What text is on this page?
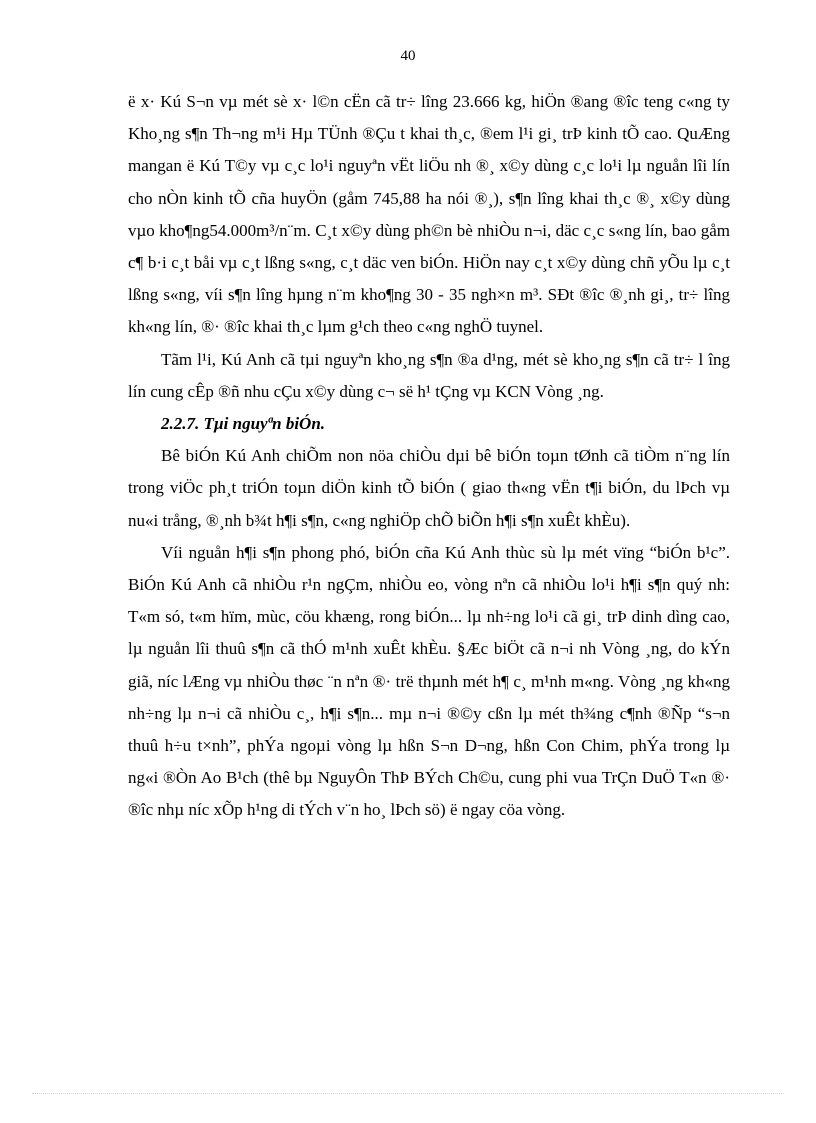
40

ë x· Kú S¬n vµ mét sè x· l©n cËn cã tr÷ lîng 23.666 kg, hiÖn ®ang ®îc teng c«ng ty Kho¸ng s¶n Th¬ng m¹i Hµ TÜnh ®Çu t khai th¸c, ®em l¹i gi¸ trÞ kinh tÕ cao. QuÆng mangan ë Kú T©y vµ c¸c lo¹i nguyªn vËt liÖu nh ®¸ x©y dùng c¸c lo¹i lµ nguån lîi lín cho nÒn kinh tÕ cña huyÖn (gåm 745,88 ha nói ®¸), s¶n lîng khai th¸c ®¸ x©y dùng vµo kho¶ng54.000m³/n¨m. C¸t x©y dùng ph©n bè nhiÒu n¬i, däc c¸c s«ng lín, bao gåm c¶ b·i c¸t båi vµ c¸t lßng s«ng, c¸t däc ven biÓn. HiÖn nay c¸t x©y dùng chñ yÕu lµ c¸t lßng s«ng, víi s¶n lîng hµng n¨m kho¶ng 30 - 35 ngh×n m³. SÐt ®îc ®¸nh gi¸, tr÷ lîng kh«ng lín, ®· ®îc khai th¸c lµm g¹ch theo c«ng nghÖ tuynel.

Tãm l¹i, Kú Anh cã tµi nguyªn kho¸ng s¶n ®a d¹ng, mét sè kho¸ng s¶n cã tr÷ l îng lín cung cÊp ®ñ nhu cÇu x©y dùng c¬ së h¹ tÇng vµ KCN Vòng ¸ng.

2.2.7. Tµi nguyªn biÓn.

Bê biÓn Kú Anh chiÕm non nöa chiÒu dµi bê biÓn toµn tØnh cã tiÒm n¨ng lín trong viÖc ph¸t triÓn toµn diÖn kinh tÕ biÓn ( giao th«ng vËn t¶i biÓn, du lÞch vµ nu«i trång, ®¸nh b¾t h¶i s¶n, c«ng nghiÖp chÕ biÕn h¶i s¶n xuÊt khÈu).

Víi nguån h¶i s¶n phong phó, biÓn cña Kú Anh thùc sù lµ mét vïng “biÓn b¹c”. BiÓn Kú Anh cã nhiÒu r¹n ngÇm, nhiÒu eo, vòng nªn cã nhiÒu lo¹i h¶i s¶n quý nh: T«m só, t«m hïm, mùc, cöu khæng, rong biÓn... lµ nh÷ng lo¹i cã gi¸ trÞ dinh dìng cao, lµ nguån lîi thuû s¶n cã thÓ m¹nh xuÊt khÈu. §Æc biÖt cã n¬i nh Vòng ¸ng, do kÝn giã, níc lÆng vµ nhiÒu thøc ¨n nªn ®· trë thµnh mét h¶ c¸ m¹nh m«ng. Vòng ¸ng kh«ng nh÷ng lµ n¬i cã nhiÒu c¸, h¶i s¶n... mµ n¬i ®©y cßn lµ mét th¾ng c¶nh ®Ñp “s¬n thuû h÷u t×nh”, phÝa ngoµi vòng lµ hßn S¬n D¬ng, hßn Con Chim, phÝa trong lµ ng«i ®Òn Ao B¹ch (thê bµ NguyÔn ThÞ BÝch Ch©u, cung phi vua TrÇn DuÖ T«n ®· ®îc nhµ níc xÕp h¹ng di tÝch v¨n ho¸ lÞch sö) ë ngay cöa vòng.
